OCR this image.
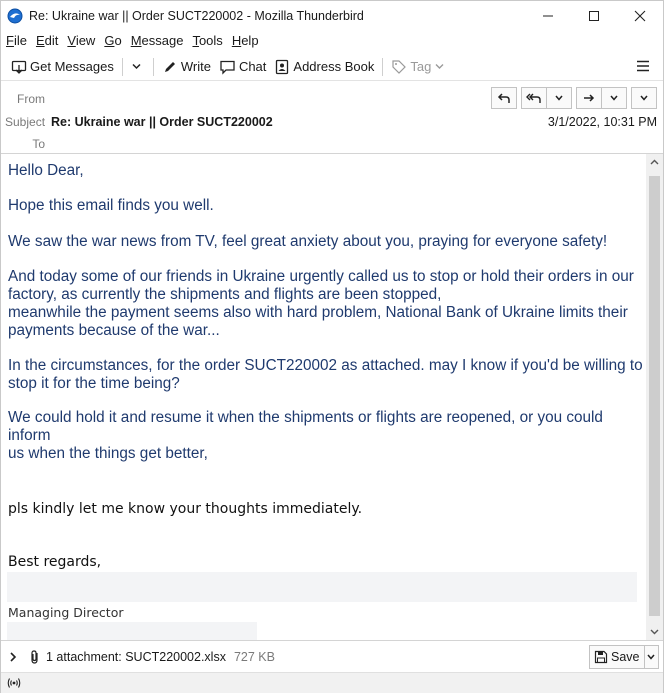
Re: Ukraine war || Order SUCT220002 - Mozilla Thunderbird
File Edit View Go Message Tools Help
Get Messages	Write Chat Address Book	Tag
From
Subject
To
Re: Ukraine war || Order SUCT220002	3/1/2022, 10:31 PM
Hello Dear,
Hope this email finds you well.
We saw the war news from TV, feel great anxiety about you, praying for everyone safety!
And today some of our friends in Ukraine urgently called us to stop or hold their orders in our
factory, as currently the shipments and flights are been stopped,
meanwhile the payment seems also with hard problem, National Bank of Ukraine limits their
payments because of the war...
In the circumstances, for the order SUCT220002 as attached. may I know if you'd be willing to
stop it for the time being?
We could hold it and resume it when the shipments or flights are reopened, or you could inform
us when the things get better,
pls kindly let me know your thoughts immediately.
Best regards,
Managing Director
1 attachment: SUCT220002.xlsx 727 KB	Save
